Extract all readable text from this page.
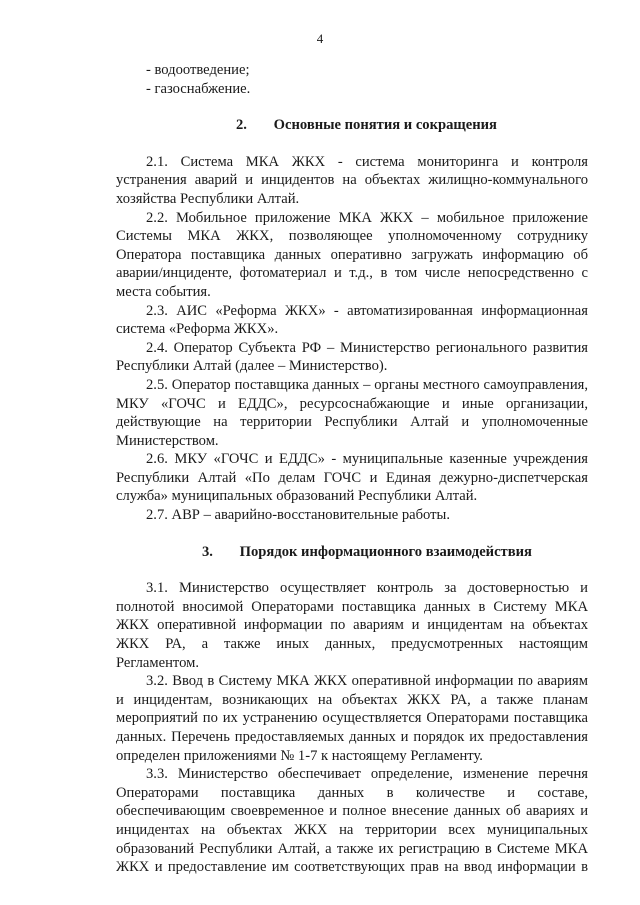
4

- водоотведение;

- газоснабжение.

2. Основные понятия и сокращения

2.1. Система МКА ЖКХ - система мониторинга и контроля устранения аварий и инцидентов на объектах жилищно-коммунального хозяйства Республики Алтай.

2.2. Мобильное приложение МКА ЖКХ – мобильное приложение Системы МКА ЖКХ, позволяющее уполномоченному сотруднику Оператора поставщика данных оперативно загружать информацию об аварии/инциденте, фотоматериал и т.д., в том числе непосредственно с места события.

2.3. АИС «Реформа ЖКХ» - автоматизированная информационная система «Реформа ЖКХ».

2.4. Оператор Субъекта РФ – Министерство регионального развития Республики Алтай (далее – Министерство).

2.5. Оператор поставщика данных – органы местного самоуправления, МКУ «ГОЧС и ЕДДС», ресурсоснабжающие и иные организации, действующие на территории Республики Алтай и уполномоченные Министерством.

2.6. МКУ «ГОЧС и ЕДДС» - муниципальные казенные учреждения Республики Алтай «По делам ГОЧС и Единая дежурно-диспетчерская служба» муниципальных образований Республики Алтай.

2.7. АВР – аварийно-восстановительные работы.

3. Порядок информационного взаимодействия

3.1. Министерство осуществляет контроль за достоверностью и полнотой вносимой Операторами поставщика данных в Систему МКА ЖКХ оперативной информации по авариям и инцидентам на объектах ЖКХ РА, а также иных данных, предусмотренных настоящим Регламентом.

3.2. Ввод в Систему МКА ЖКХ оперативной информации по авариям и инцидентам, возникающих на объектах ЖКХ РА, а также планам мероприятий по их устранению осуществляется Операторами поставщика данных. Перечень предоставляемых данных и порядок их предоставления определен приложениями № 1-7 к настоящему Регламенту.

3.3. Министерство обеспечивает определение, изменение перечня Операторами поставщика данных в количестве и составе, обеспечивающим своевременное и полное внесение данных об авариях и инцидентах на объектах ЖКХ на территории всех муниципальных образований Республики Алтай, а также их регистрацию в Системе МКА ЖКХ и предоставление им соответствующих прав на ввод информации в
